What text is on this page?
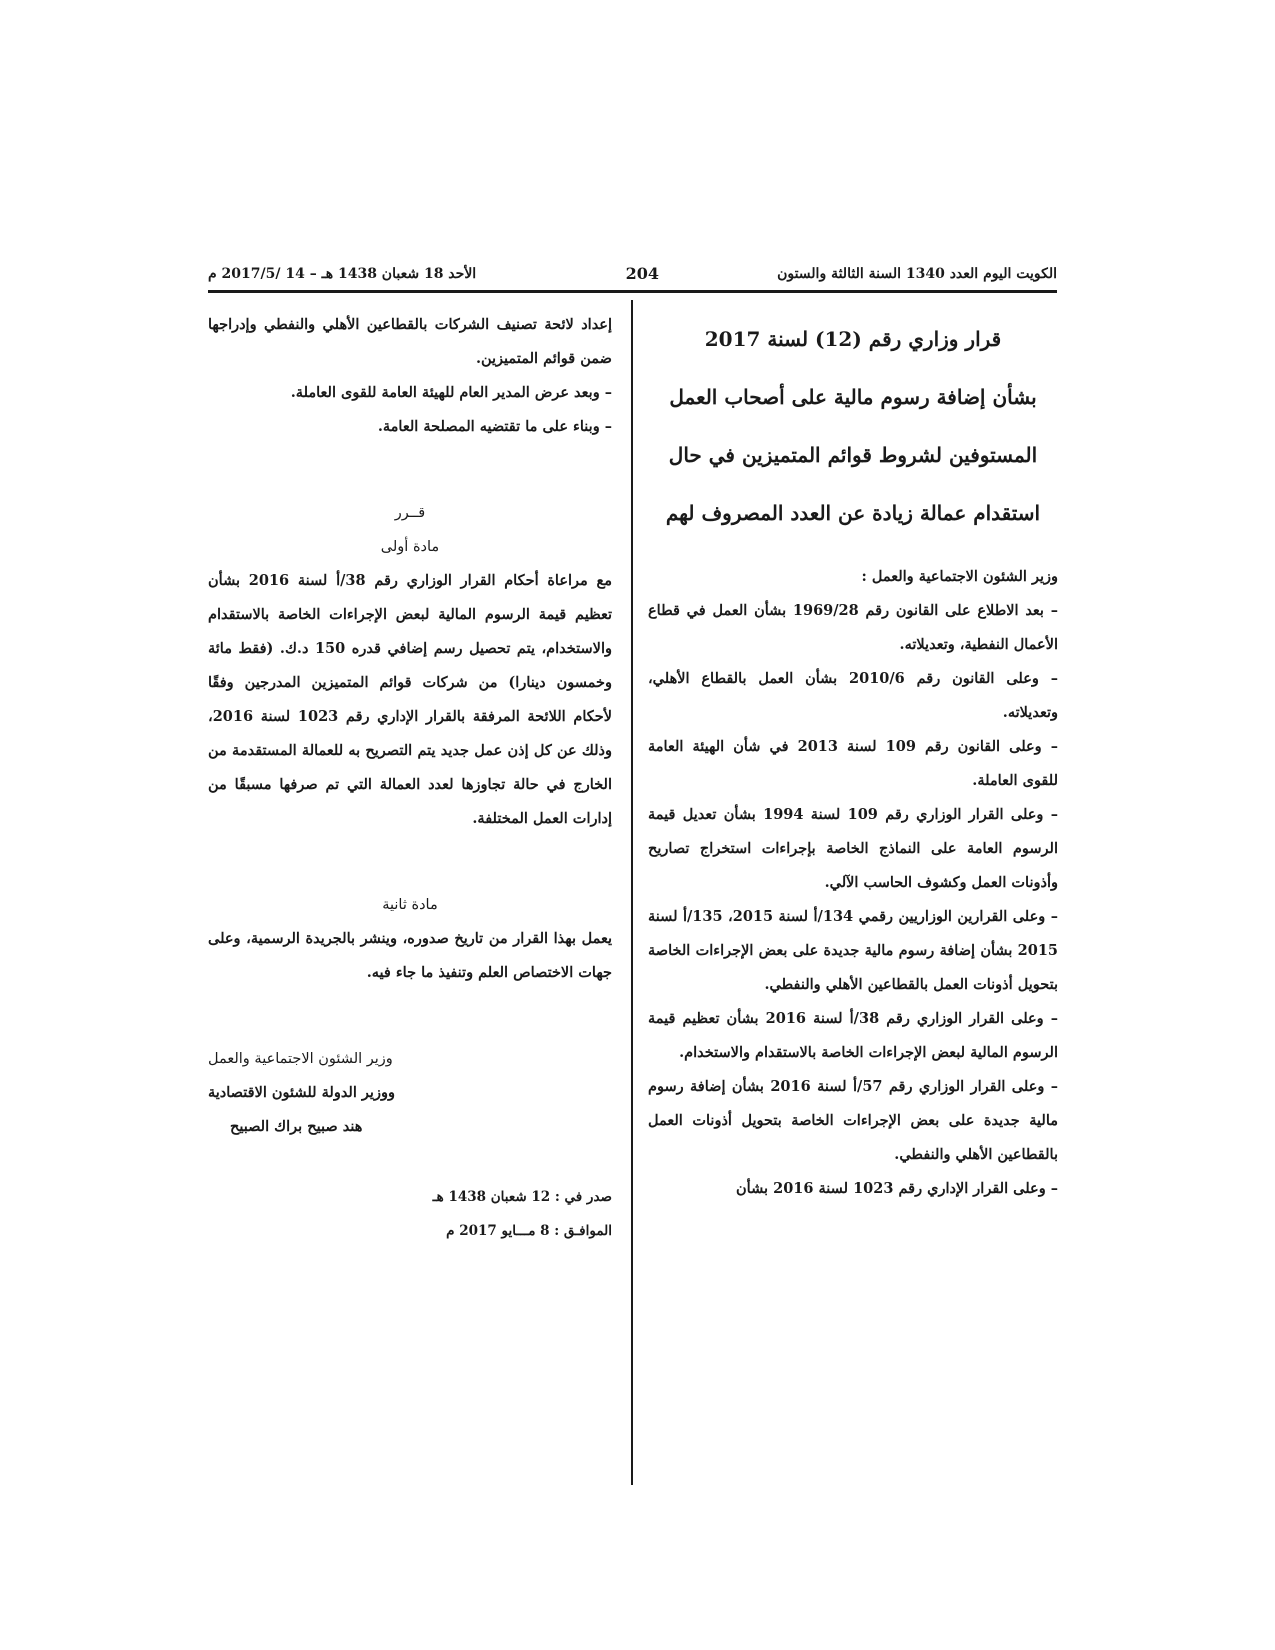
الكويت اليوم العدد 1340 السنة الثالثة والستون
204
الأحد 18 شعبان 1438 هـ – 14 /2017/5 م

قرار وزاري رقم (12) لسنة 2017

بشأن إضافة رسوم مالية على أصحاب العمل

المستوفين لشروط قوائم المتميزين في حال

استقدام عمالة زيادة عن العدد المصروف لهم

وزير الشئون الاجتماعية والعمل :

– بعد الاطلاع على القانون رقم 1969/28 بشأن العمل في قطاع الأعمال النفطية، وتعديلاته.

– وعلى القانون رقم 2010/6 بشأن العمل بالقطاع الأهلي، وتعديلاته.

– وعلى القانون رقم 109 لسنة 2013 في شأن الهيئة العامة للقوى العاملة.

– وعلى القرار الوزاري رقم 109 لسنة 1994 بشأن تعديل قيمة الرسوم العامة على النماذج الخاصة بإجراءات استخراج تصاريح وأذونات العمل وكشوف الحاسب الآلي.

– وعلى القرارين الوزاريين رقمي 134/أ لسنة 2015، 135/أ لسنة 2015 بشأن إضافة رسوم مالية جديدة على بعض الإجراءات الخاصة بتحويل أذونات العمل بالقطاعين الأهلي والنفطي.

– وعلى القرار الوزاري رقم 38/أ لسنة 2016 بشأن تعظيم قيمة الرسوم المالية لبعض الإجراءات الخاصة بالاستقدام والاستخدام.

– وعلى القرار الوزاري رقم 57/أ لسنة 2016 بشأن إضافة رسوم مالية جديدة على بعض الإجراءات الخاصة بتحويل أذونات العمل بالقطاعين الأهلي والنفطي.

– وعلى القرار الإداري رقم 1023 لسنة 2016 بشأن

إعداد لائحة تصنيف الشركات بالقطاعين الأهلي والنفطي وإدراجها ضمن قوائم المتميزين.

– وبعد عرض المدير العام للهيئة العامة للقوى العاملة.

– وبناء على ما تقتضيه المصلحة العامة.

قــرر

مادة أولى

مع مراعاة أحكام القرار الوزاري رقم 38/أ لسنة 2016 بشأن تعظيم قيمة الرسوم المالية لبعض الإجراءات الخاصة بالاستقدام والاستخدام، يتم تحصيل رسم إضافي قدره 150 د.ك. (فقط مائة وخمسون دينارا) من شركات قوائم المتميزين المدرجين وفقًا لأحكام اللائحة المرفقة بالقرار الإداري رقم 1023 لسنة 2016، وذلك عن كل إذن عمل جديد يتم التصريح به للعمالة المستقدمة من الخارج في حالة تجاوزها لعدد العمالة التي تم صرفها مسبقًا من إدارات العمل المختلفة.

مادة ثانية

يعمل بهذا القرار من تاريخ صدوره، وينشر بالجريدة الرسمية، وعلى جهات الاختصاص العلم وتنفيذ ما جاء فيه.

وزير الشئون الاجتماعية والعمل

ووزير الدولة للشئون الاقتصادية

هند صبيح براك الصبيح

صدر في : 12 شعبان 1438 هـ

الموافـق : 8 مـــايو 2017 م
